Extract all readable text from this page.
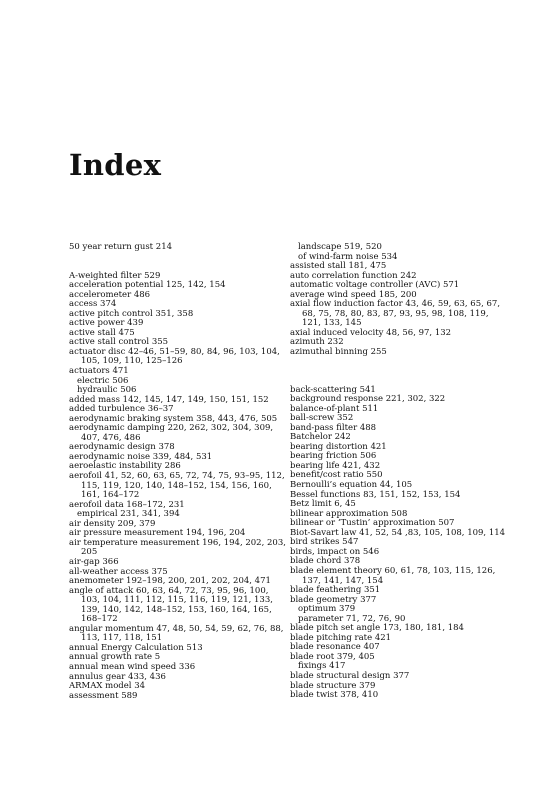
Index
50 year return gust 214
A-weighted filter 529
acceleration potential 125, 142, 154
accelerometer 486
access 374
active pitch control 351, 358
active power 439
active stall 475
active stall control 355
actuator disc 42–46, 51–59, 80, 84, 96, 103, 104, 105, 109, 110, 125–126
actuators 471
electric 506
hydraulic 506
added mass 142, 145, 147, 149, 150, 151, 152
added turbulence 36–37
aerodynamic braking system 358, 443, 476, 505
aerodynamic damping 220, 262, 302, 304, 309, 407, 476, 486
aerodynamic design 378
aerodynamic noise 339, 484, 531
aeroelastic instability 286
aerofoil 41, 52, 60, 63, 65, 72, 74, 75, 93–95, 112, 115, 119, 120, 140, 148–152, 154, 156, 160, 161, 164–172
aerofoil data 168–172, 231
empirical 231, 341, 394
air density 209, 379
air pressure measurement 194, 196, 204
air temperature measurement 196, 194, 202, 203, 205
air-gap 366
all-weather access 375
anemometer 192–198, 200, 201, 202, 204, 471
angle of attack 60, 63, 64, 72, 73, 95, 96, 100, 103, 104, 111, 112, 115, 116, 119, 121, 133, 139, 140, 142, 148–152, 153, 160, 164, 165, 168–172
angular momentum 47, 48, 50, 54, 59, 62, 76, 88, 113, 117, 118, 151
annual Energy Calculation 513
annual growth rate 5
annual mean wind speed 336
annulus gear 433, 436
ARMAX model 34
assessment 589
landscape 519, 520
of wind-farm noise 534
assisted stall 181, 475
auto correlation function 242
automatic voltage controller (AVC) 571
average wind speed 185, 200
axial flow induction factor 43, 46, 59, 63, 65, 67, 68, 75, 78, 80, 83, 87, 93, 95, 98, 108, 119, 121, 133, 145
axial induced velocity 48, 56, 97, 132
azimuth 232
azimuthal binning 255
back-scattering 541
background response 221, 302, 322
balance-of-plant 511
ball-screw 352
band-pass filter 488
Batchelor 242
bearing distortion 421
bearing friction 506
bearing life 421, 432
benefit/cost ratio 550
Bernoulli’s equation 44, 105
Bessel functions 83, 151, 152, 153, 154
Betz limit 6, 45
bilinear approximation 508
bilinear or ‘Tustin’ approximation 507
Biot-Savart law 41, 52, 54 ,83, 105, 108, 109, 114
bird strikes 547
birds, impact on 546
blade chord 378
blade element theory 60, 61, 78, 103, 115, 126, 137, 141, 147, 154
blade feathering 351
blade geometry 377
optimum 379
parameter 71, 72, 76, 90
blade pitch set angle 173, 180, 181, 184
blade pitching rate 421
blade resonance 407
blade root 379, 405
fixings 417
blade structural design 377
blade structure 379
blade twist 378, 410
